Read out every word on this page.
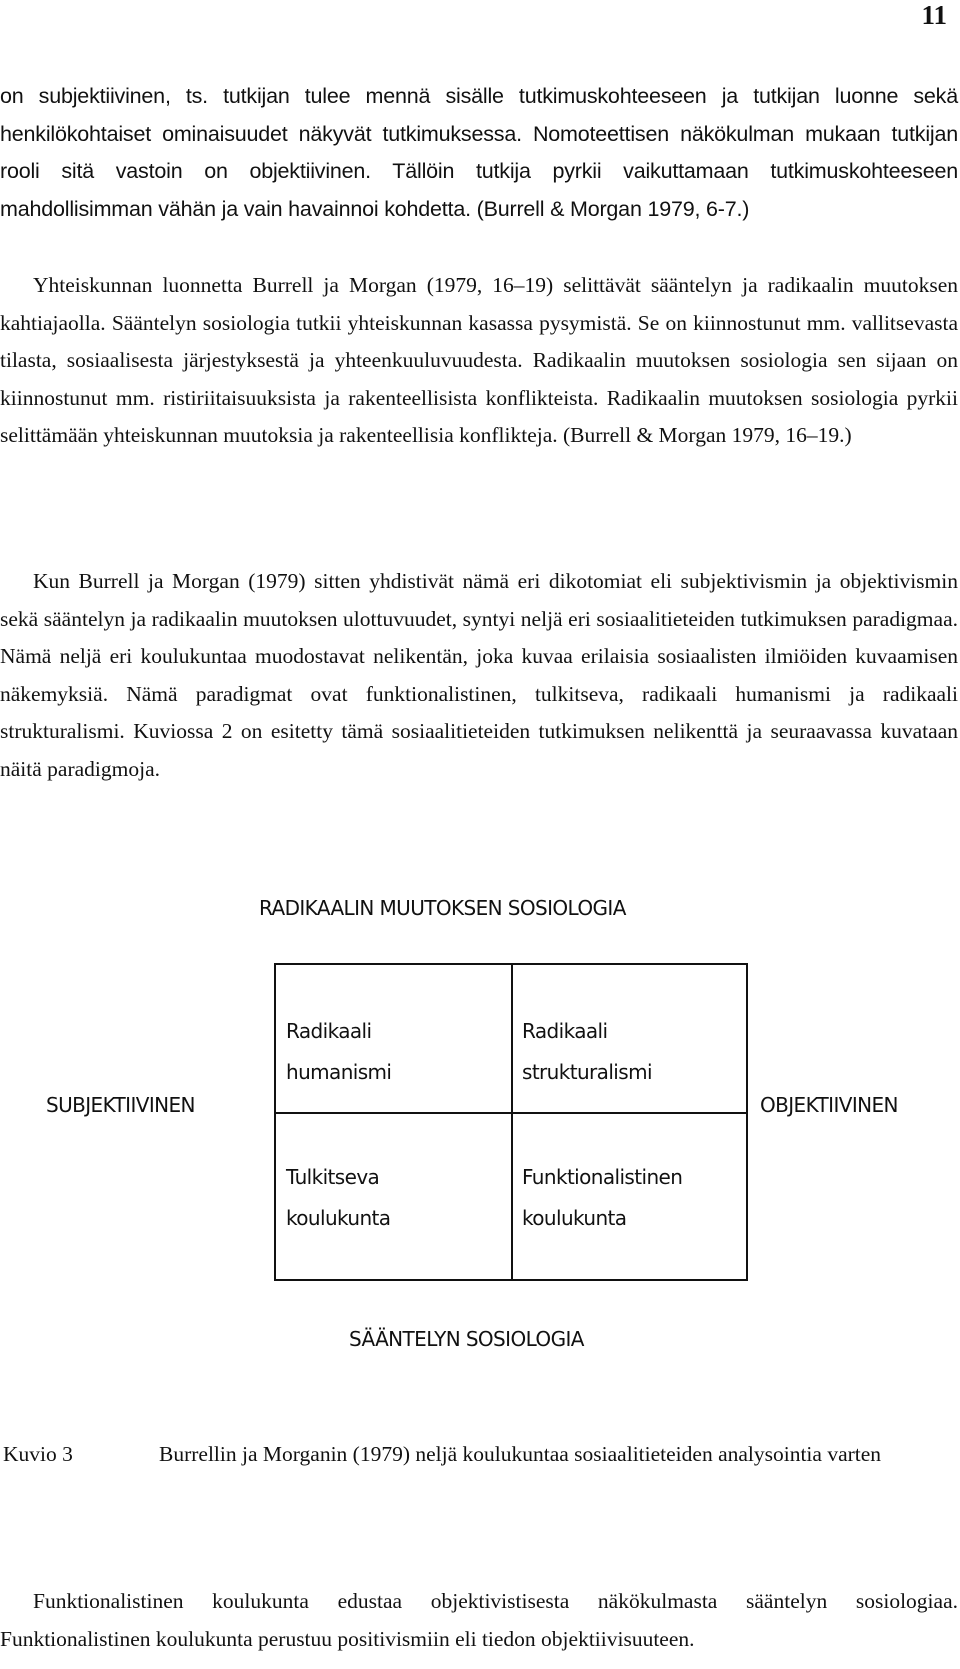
11

on subjektiivinen, ts. tutkijan tulee mennä sisälle tutkimuskohteeseen ja tutkijan luonne sekä henkilökohtaiset ominaisuudet näkyvät tutkimuksessa. Nomoteettisen näkökulman mukaan tutkijan rooli sitä vastoin on objektiivinen. Tällöin tutkija pyrkii vaikuttamaan tutkimuskohteeseen mahdollisimman vähän ja vain havainnoi kohdetta. (Burrell & Morgan 1979, 6-7.)

Yhteiskunnan luonnetta Burrell ja Morgan (1979, 16–19) selittävät sääntelyn ja radikaalin muutoksen kahtiajaolla. Sääntelyn sosiologia tutkii yhteiskunnan kasassa pysymistä. Se on kiinnostunut mm. vallitsevasta tilasta, sosiaalisesta järjestyksestä ja yhteenkuuluvuudesta. Radikaalin muutoksen sosiologia sen sijaan on kiinnostunut mm. ristiriitaisuuksista ja rakenteellisista konflikteista. Radikaalin muutoksen sosiologia pyrkii selittämään yhteiskunnan muutoksia ja rakenteellisia konflikteja. (Burrell & Morgan 1979, 16–19.)

Kun Burrell ja Morgan (1979) sitten yhdistivät nämä eri dikotomiat eli subjektivismin ja objektivismin sekä sääntelyn ja radikaalin muutoksen ulottuvuudet, syntyi neljä eri sosiaalitieteiden tutkimuksen paradigmaa. Nämä neljä eri koulukuntaa muodostavat nelikentän, joka kuvaa erilaisia sosiaalisten ilmiöiden kuvaamisen näkemyksiä. Nämä paradigmat ovat funktionalistinen, tulkitseva, radikaali humanismi ja radikaali strukturalismi. Kuviossa 2 on esitetty tämä sosiaalitieteiden tutkimuksen nelikenttä ja seuraavassa kuvataan näitä paradigmoja.

RADIKAALIN MUUTOKSEN SOSIOLOGIA
SUBJEKTIIVINEN	OBJEKTIIVINEN
Radikaali
humanismi
Radikaali
strukturalismi
Tulkitseva
koulukunta
Funktionalistinen
koulukunta
SÄÄNTELYN SOSIOLOGIA
Kuvio 3	Burrellin ja Morganin (1979) neljä koulukuntaa sosiaalitieteiden analysointia varten

Funktionalistinen koulukunta edustaa objektivistisesta näkökulmasta sääntelyn sosiologiaa. Funktionalistinen koulukunta perustuu positivismiin eli tiedon objektiivisuuteen.
